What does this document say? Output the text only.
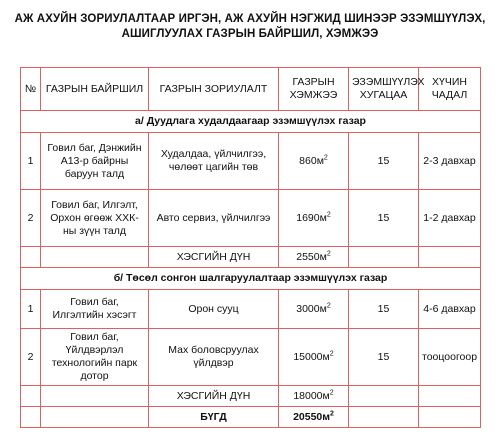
АЖ АХУЙН ЗОРИУЛАЛТААР ИРГЭН, АЖ АХУЙН НЭГЖИД ШИНЭЭР ЭЗЭМШҮҮЛЭХ,
АШИГЛУУЛАХ ГАЗРЫН БАЙРШИЛ, ХЭМЖЭЭ
№	ГАЗРЫН БАЙРШИЛ	ГАЗРЫН ЗОРИУЛАЛТ	ГАЗРЫН ХЭМЖЭЭ	ЭЗЭМШҮҮЛЭХ ХУГАЦАА	ХҮЧИН ЧАДАЛ
а/ Дуудлага худалдаагаар эзэмшүүлэх газар					
1	Говил баг, Дэнжийн А13-р байрны баруун талд	Худалдаа, үйлчилгээ, чөлөөт цагийн төв	$860м^2$	15	2-3 давхар
2	Говил баг, Илгэлт, Орхон өгөөж ХХК-ны зүүн талд	Авто сервиз, үйлчилгээ	$1690м^2$	15	1-2 давхар
		ХЭСГИЙН ДҮН	$2550м^2$		
б/ Төсөл сонгон шалгаруулалтаар эзэмшүүлэх газар					
1	Говил баг, Илгэлтийн хэсэгт	Орон сууц	$3000м^2$	15	4-6 давхар
2	Говил баг, Үйлдвэрлэл технологийн парк дотор	Мах боловсруулах үйлдвэр	$15000м^2$	15	тооцоогоор
		ХЭСГИЙН ДҮН	$18000м^2$		
		БҮГД	$20550м^2$		
